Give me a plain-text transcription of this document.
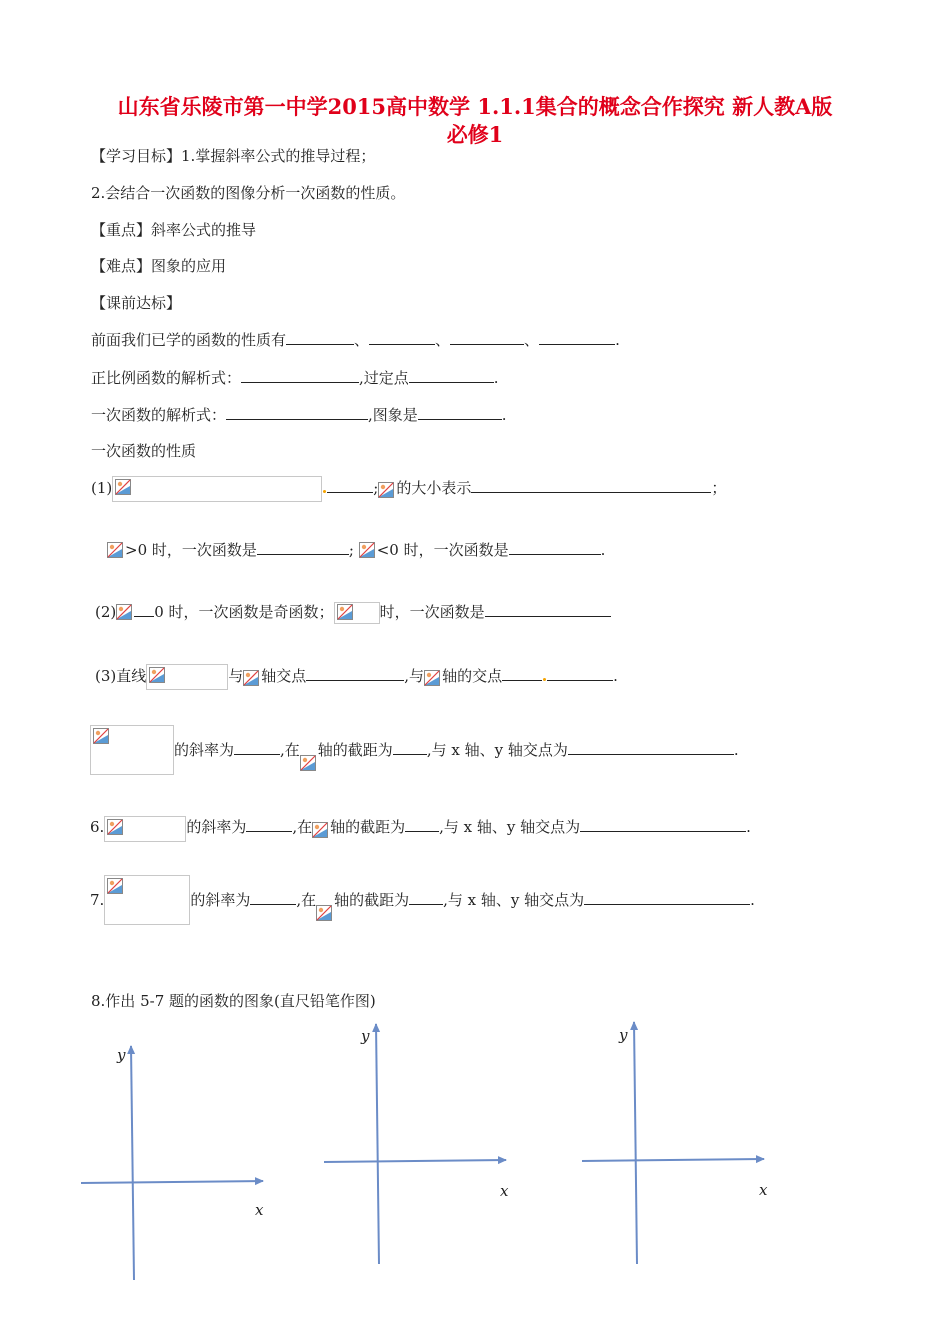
山东省乐陵市第一中学2015高中数学 1.1.1集合的概念合作探究 新人教A版
必修1
【学习目标】1.掌握斜率公式的推导过程；
2.会结合一次函数的图像分析一次函数的性质。
【重点】斜率公式的推导
【难点】图象的应用
【课前达标】
前面我们已学的函数的性质有	、	、	、	.
正比例函数的解析式：	,过定点	.
一次函数的解析式：	,图象是	.
一次函数的性质
(1)	; 的大小表示	；
>0 时，一次函数是	; <0 时，一次函数是	.
(2)	0 时，一次函数是奇函数；	时，一次函数是
(3)直线	与 轴交点	,与 轴的交点	.
的斜率为	,在 轴的截距为 ,与 x 轴、y 轴交点为	.
6.	的斜率为	,在 轴的截距为 ,与 x 轴、y 轴交点为	.
7.	的斜率为	,在 轴的截距为 ,与 x 轴、y 轴交点为	.
8.作出 5-7 题的函数的图象(直尺铅笔作图)
y
x
y
x
y
x
